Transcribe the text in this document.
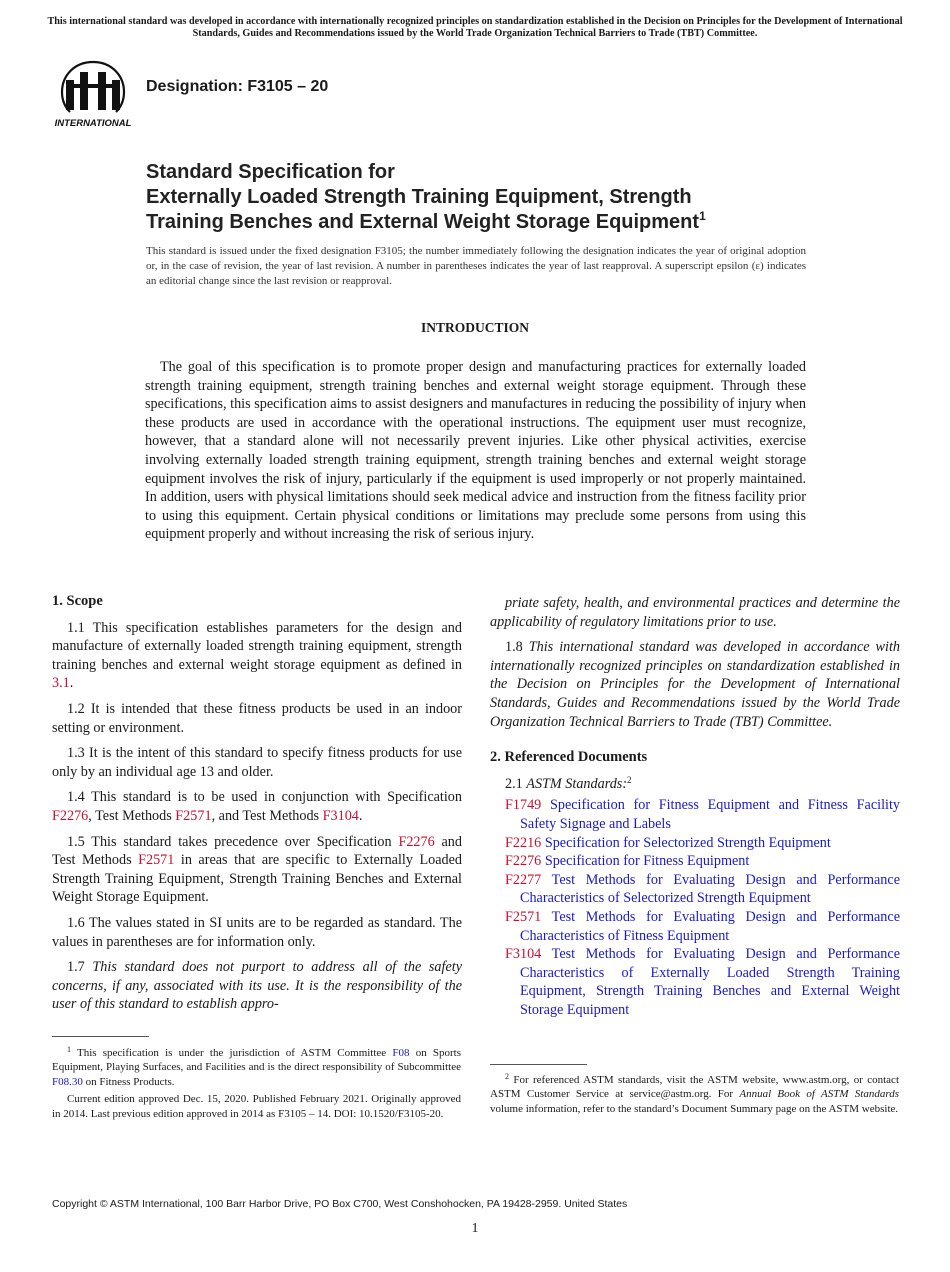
This international standard was developed in accordance with internationally recognized principles on standardization established in the Decision on Principles for the Development of International Standards, Guides and Recommendations issued by the World Trade Organization Technical Barriers to Trade (TBT) Committee.
INTERNATIONAL
Designation: F3105 – 20
Standard Specification for
Externally Loaded Strength Training Equipment, Strength
Training Benches and External Weight Storage Equipment$^1$
This standard is issued under the fixed designation F3105; the number immediately following the designation indicates the year of original adoption or, in the case of revision, the year of last revision. A number in parentheses indicates the year of last reapproval. A superscript epsilon (ε) indicates an editorial change since the last revision or reapproval.
INTRODUCTION

The goal of this specification is to promote proper design and manufacturing practices for externally loaded strength training equipment, strength training benches and external weight storage equipment. Through these specifications, this specification aims to assist designers and manufactures in reducing the possibility of injury when these products are used in accordance with the operational instructions. The equipment user must recognize, however, that a standard alone will not necessarily prevent injuries. Like other physical activities, exercise involving externally loaded strength training equipment, strength training benches and external weight storage equipment involves the risk of injury, particularly if the equipment is used improperly or not properly maintained. In addition, users with physical limitations should seek medical advice and instruction from the fitness facility prior to using this equipment. Certain physical conditions or limitations may preclude some persons from using this equipment properly and without increasing the risk of serious injury.

1. Scope

1.1 This specification establishes parameters for the design and manufacture of externally loaded strength training equipment, strength training benches and external weight storage equipment as defined in 3.1.

1.2 It is intended that these fitness products be used in an indoor setting or environment.

1.3 It is the intent of this standard to specify fitness products for use only by an individual age 13 and older.

1.4 This standard is to be used in conjunction with Specification F2276, Test Methods F2571, and Test Methods F3104.

1.5 This standard takes precedence over Specification F2276 and Test Methods F2571 in areas that are specific to Externally Loaded Strength Training Equipment, Strength Training Benches and External Weight Storage Equipment.

1.6 The values stated in SI units are to be regarded as standard. The values in parentheses are for information only.

1.7 This standard does not purport to address all of the safety concerns, if any, associated with its use. It is the responsibility of the user of this standard to establish appro-

$^1$ This specification is under the jurisdiction of ASTM Committee F08 on Sports Equipment, Playing Surfaces, and Facilities and is the direct responsibility of Subcommittee F08.30 on Fitness Products.

Current edition approved Dec. 15, 2020. Published February 2021. Originally approved in 2014. Last previous edition approved in 2014 as F3105 – 14. DOI: 10.1520/F3105-20.

priate safety, health, and environmental practices and determine the applicability of regulatory limitations prior to use.

1.8 This international standard was developed in accordance with internationally recognized principles on standardization established in the Decision on Principles for the Development of International Standards, Guides and Recommendations issued by the World Trade Organization Technical Barriers to Trade (TBT) Committee.

2. Referenced Documents

2.1 ASTM Standards:$^2$

F1749 Specification for Fitness Equipment and Fitness Facility Safety Signage and Labels

F2216 Specification for Selectorized Strength Equipment

F2276 Specification for Fitness Equipment

F2277 Test Methods for Evaluating Design and Performance Characteristics of Selectorized Strength Equipment

F2571 Test Methods for Evaluating Design and Performance Characteristics of Fitness Equipment

F3104 Test Methods for Evaluating Design and Performance Characteristics of Externally Loaded Strength Training Equipment, Strength Training Benches and External Weight Storage Equipment

$^2$ For referenced ASTM standards, visit the ASTM website, www.astm.org, or contact ASTM Customer Service at service@astm.org. For Annual Book of ASTM Standards volume information, refer to the standard’s Document Summary page on the ASTM website.

Copyright © ASTM International, 100 Barr Harbor Drive, PO Box C700, West Conshohocken, PA 19428-2959. United States
1
